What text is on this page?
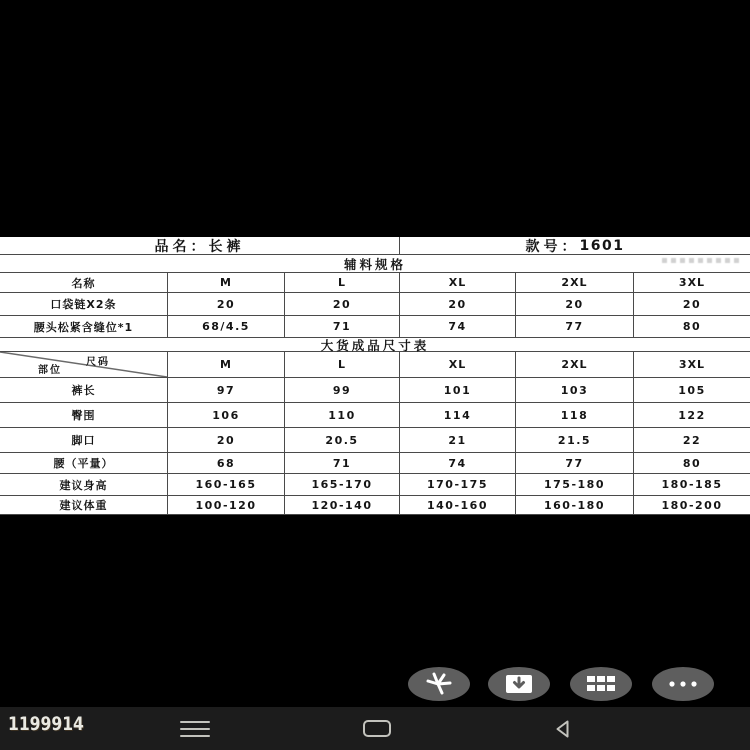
品名： 长裤	款号： 1601
辅料规格
名称	M	L	XL	2XL	3XL
口袋链X2条	20	20	20	20	20
腰头松紧含缝位*1	68/4.5	71	74	77	80
大货成品尺寸表
尺码
部位	M	L	XL	2XL	3XL
裤长	97	99	101	103	105
臀围	106	110	114	118	122
脚口	20	20.5	21	21.5	22
腰（平量）	68	71	74	77	80
建议身高	160-165	165-170	170-175	175-180	180-185
建议体重	100-120	120-140	140-160	160-180	180-200
1199914
